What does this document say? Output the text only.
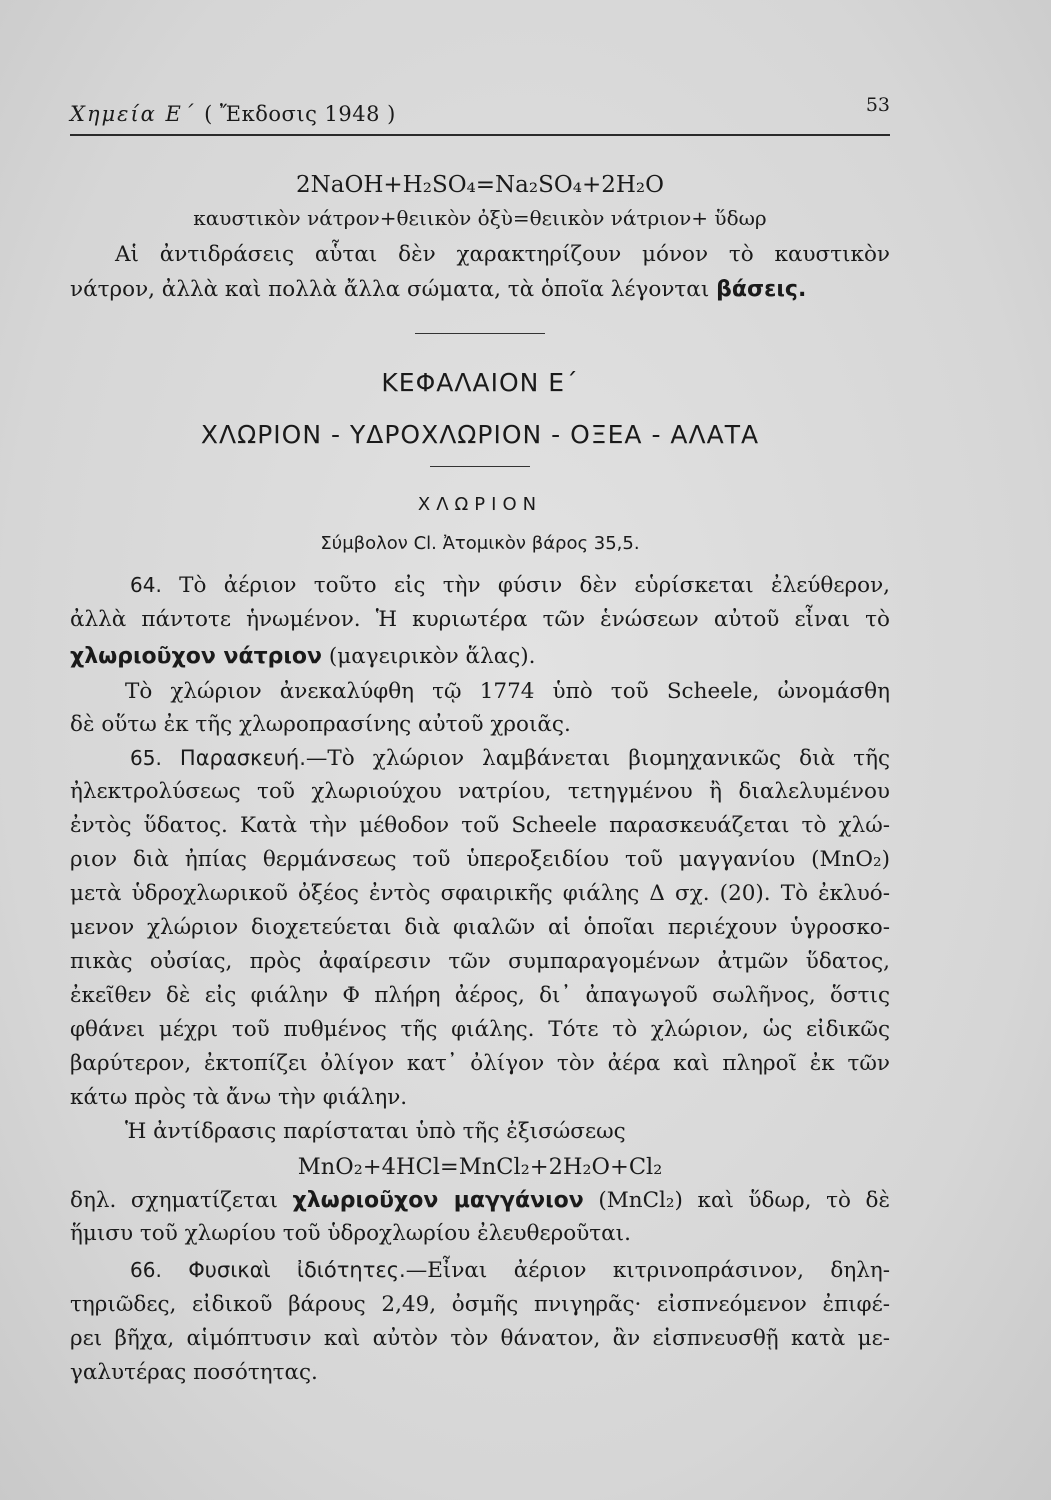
Χημεία Ε΄ ( Ἔκδοσις 1948 )	53
2NaOH+H₂SO₄=Na₂SO₄+2H₂O
καυστικὸν νάτρον+θειικὸν ὀξὺ=θειικὸν νάτριον+ ὕδωρ
Αἱ ἀντιδράσεις αὗται δὲν χαρακτηρίζουν μόνον τὸ καυστικὸν
νάτρον, ἀλλὰ καὶ πολλὰ ἄλλα σώματα, τὰ ὁποῖα λέγονται βάσεις.
ΚΕΦΑΛΑΙΟΝ Ε΄
ΧΛΩΡΙΟΝ - ΥΔΡΟΧΛΩΡΙΟΝ - ΟΞΕΑ - ΑΛΑΤΑ
ΧΛΩΡΙΟΝ
Σύμβολον Cl. Ἀτομικὸν βάρος 35,5.
64. Τὸ ἀέριον τοῦτο εἰς τὴν φύσιν δὲν εὑρίσκεται ἐλεύθερον,
ἀλλὰ πάντοτε ἡνωμένον. Ἡ κυριωτέρα τῶν ἑνώσεων αὐτοῦ εἶναι τὸ
χλωριοῦχον νάτριον (μαγειρικὸν ἅλας).
Τὸ χλώριον ἀνεκαλύφθη τῷ 1774 ὑπὸ τοῦ Scheele, ὠνομάσθη
δὲ οὕτω ἐκ τῆς χλωροπρασίνης αὐτοῦ χροιᾶς.
65. Παρασκευή.—Τὸ χλώριον λαμβάνεται βιομηχανικῶς διὰ τῆς
ἠλεκτρολύσεως τοῦ χλωριούχου νατρίου, τετηγμένου ἢ διαλελυμένου
ἐντὸς ὕδατος. Κατὰ τὴν μέθοδον τοῦ Scheele παρασκευάζεται τὸ χλώ-
ριον διὰ ἠπίας θερμάνσεως τοῦ ὑπεροξειδίου τοῦ μαγγανίου (MnO₂)
μετὰ ὑδροχλωρικοῦ ὀξέος ἐντὸς σφαιρικῆς φιάλης Δ σχ. (20). Τὸ ἐκλυό-
μενον χλώριον διοχετεύεται διὰ φιαλῶν αἱ ὁποῖαι περιέχουν ὑγροσκο-
πικὰς οὐσίας, πρὸς ἀφαίρεσιν τῶν συμπαραγομένων ἀτμῶν ὕδατος,
ἐκεῖθεν δὲ εἰς φιάλην Φ πλήρη ἀέρος, δι᾽ ἀπαγωγοῦ σωλῆνος, ὅστις
φθάνει μέχρι τοῦ πυθμένος τῆς φιάλης. Τότε τὸ χλώριον, ὡς εἰδικῶς
βαρύτερον, ἐκτοπίζει ὀλίγον κατ᾽ ὀλίγον τὸν ἀέρα καὶ πληροῖ ἐκ τῶν
κάτω πρὸς τὰ ἄνω τὴν φιάλην.
Ἡ ἀντίδρασις παρίσταται ὑπὸ τῆς ἐξισώσεως
MnO₂+4HCl=MnCl₂+2H₂O+Cl₂
δηλ. σχηματίζεται χλωριοῦχον μαγγάνιον (MnCl₂) καὶ ὕδωρ, τὸ δὲ
ἥμισυ τοῦ χλωρίου τοῦ ὑδροχλωρίου ἐλευθεροῦται.
66. Φυσικαὶ ἰδιότητες.—Εἶναι ἀέριον κιτρινοπράσινον, δηλη-
τηριῶδες, εἰδικοῦ βάρους 2,49, ὀσμῆς πνιγηρᾶς· εἰσπνεόμενον ἐπιφέ-
ρει βῆχα, αἱμόπτυσιν καὶ αὐτὸν τὸν θάνατον, ἂν εἰσπνευσθῇ κατὰ με-
γαλυτέρας ποσότητας.
